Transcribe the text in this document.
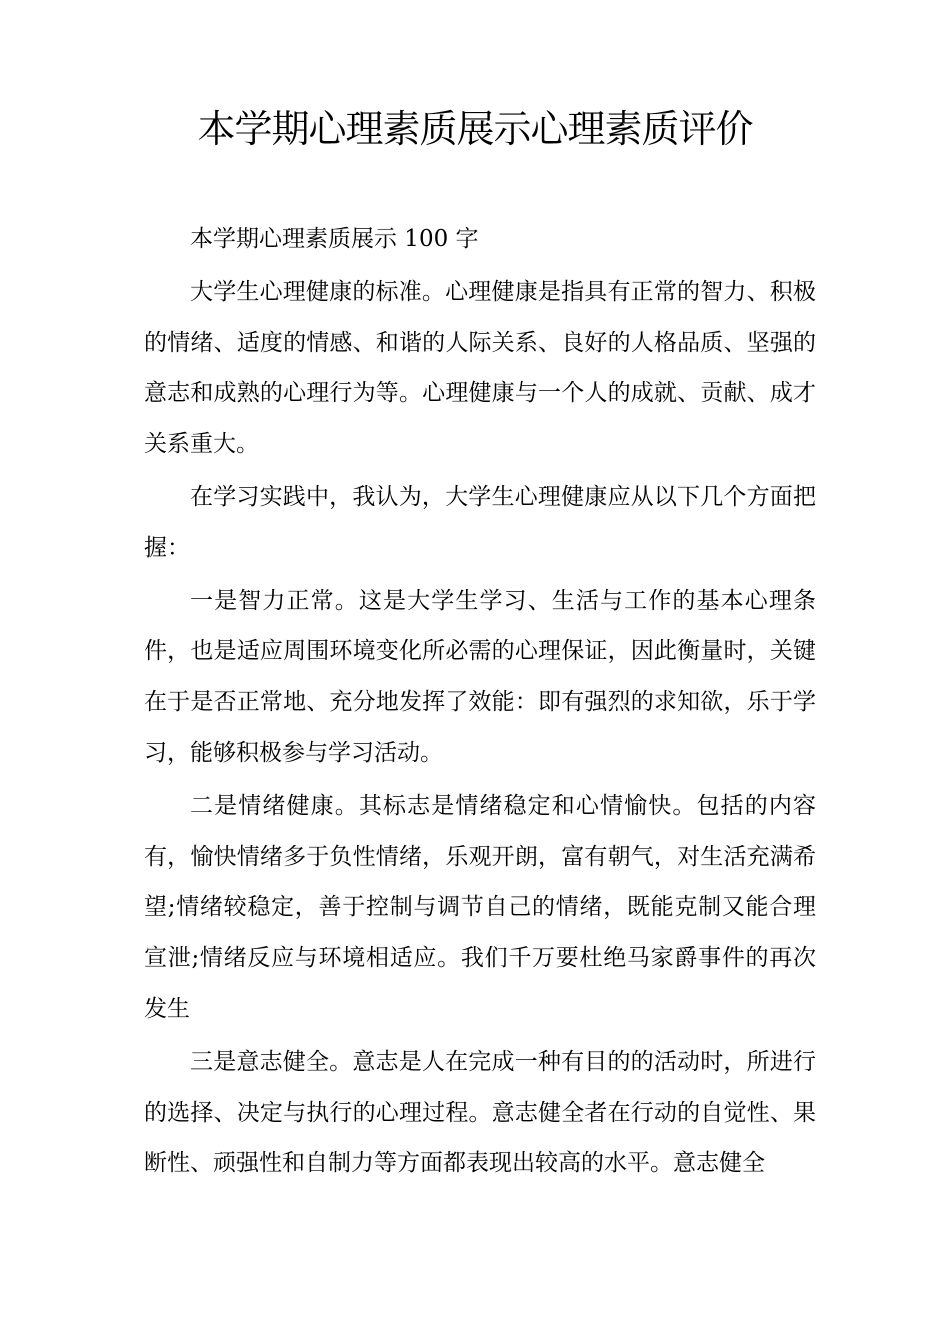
本学期心理素质展示心理素质评价

本学期心理素质展示 100 字

大学生心理健康的标准。心理健康是指具有正常的智力、积极的情绪、适度的情感、和谐的人际关系、良好的人格品质、坚强的意志和成熟的心理行为等。心理健康与一个人的成就、贡献、成才关系重大。

在学习实践中，我认为，大学生心理健康应从以下几个方面把握：

一是智力正常。这是大学生学习、生活与工作的基本心理条件，也是适应周围环境变化所必需的心理保证，因此衡量时，关键在于是否正常地、充分地发挥了效能：即有强烈的求知欲，乐于学习，能够积极参与学习活动。

二是情绪健康。其标志是情绪稳定和心情愉快。包括的内容有，愉快情绪多于负性情绪，乐观开朗，富有朝气，对生活充满希望;情绪较稳定，善于控制与调节自己的情绪，既能克制又能合理宣泄;情绪反应与环境相适应。我们千万要杜绝马家爵事件的再次发生

三是意志健全。意志是人在完成一种有目的的活动时，所进行的选择、决定与执行的心理过程。意志健全者在行动的自觉性、果断性、顽强性和自制力等方面都表现出较高的水平。意志健全
